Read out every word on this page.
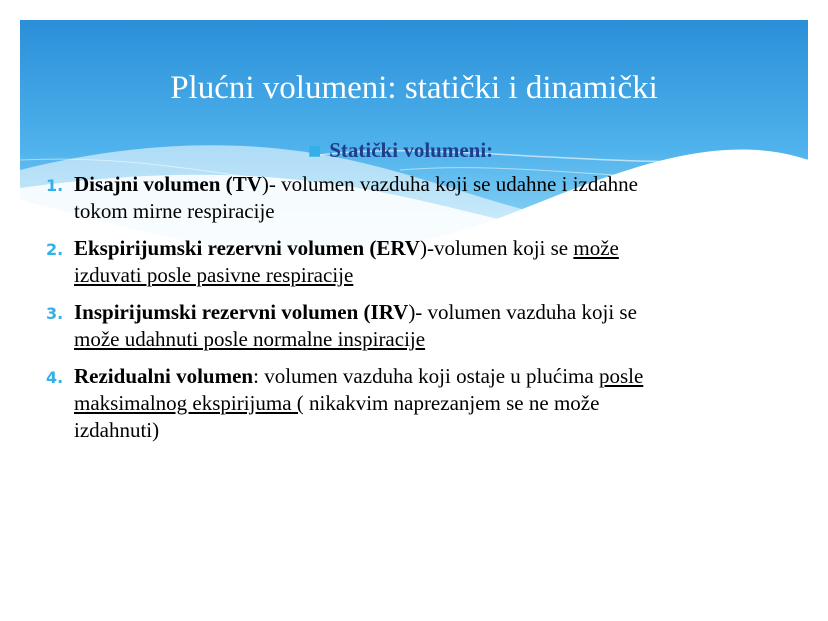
Plućni volumeni: statički i dinamički
■ Statički volumeni:
1. Disajni volumen (TV)- volumen vazduha koji se udahne i izdahne
tokom mirne respiracije
2. Ekspirijumski rezervni volumen (ERV)-volumen koji se može
izduvati posle pasivne respiracije
3. Inspirijumski rezervni volumen (IRV)- volumen vazduha koji se
može udahnuti posle normalne inspiracije
4. Rezidualni volumen: volumen vazduha koji ostaje u plućima posle
maksimalnog ekspirijuma ( nikakvim naprezanjem se ne može
izdahnuti)
